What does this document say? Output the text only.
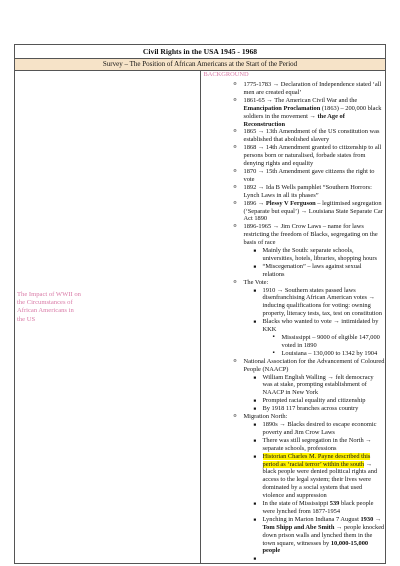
Civil Rights in the USA 1945 - 1968
Survey – The Position of African Americans at the Start of the Period

The Impact of WWII on the Circumstances of African Americans in the US

BACKGROUND
o 1775-1783 → Declaration of Independence stated ‘all men are created equal’
o 1861-65 → The American Civil War and the Emancipation Proclamation (1863) – 200,000 black soldiers in the movement → the Age of Reconstruction
o 1865 → 13th Amendment of the US constitution was established that abolished slavery
o 1868 → 14th Amendment granted to citizenship to all persons born or naturalised, forbade states from denying rights and equality
o 1870 → 15th Amendment gave citizens the right to vote
o 1892 → Ida B Wells pamphlet “Southern Horrors: Lynch Laws in all its phases”
o 1896 → Plessy V Ferguson – legitimised segregation (‘Separate but equal’) → Louisiana State Separate Car Act 1890
o 1896-1965 → Jim Crow Laws – name for laws restricting the freedom of Blacks, segregating on the basis of race
■ Mainly the South: separate schools, universities, hotels, libraries, shopping hours
■ “Miscegenation” – laws against sexual relations
o The Vote:
■ 1910 → Southern states passed laws disenfranchising African American votes → inducing qualifications for voting: owning property, literacy tests, tax, test on constitution
■ Blacks who wanted to vote → intimidated by KKK
▪ Mississippi – 9000 of eligible 147,000 voted in 1890
▪ Louisiana – 130,000 to 1342 by 1904
o National Association for the Advancement of Coloured People (NAACP)
■ William English Walling → felt democracy was at stake, prompting establishment of NAACP in New York
■ Prompted racial equality and citizenship
■ By 1918 117 branches across country
o Migration North:
■ 1890s → Blacks desired to escape economic poverty and Jim Crow Laws
■ There was still segregation in the North → separate schools, professions
■ Historian Charles M. Payne described this period as ‘racial terror’ within the south → black people were denied political rights and access to the legal system; their lives were dominated by a social system that used violence and suppression
■ In the state of Mississippi 539 black people were lynched from 1877-1954
■ Lynching in Marion Indiana 7 August 1930 → Tom Shipp and Abe Smith → people knocked down prison walls and lynched them in the town square, witnesses by 10,000-15,000 people
■
